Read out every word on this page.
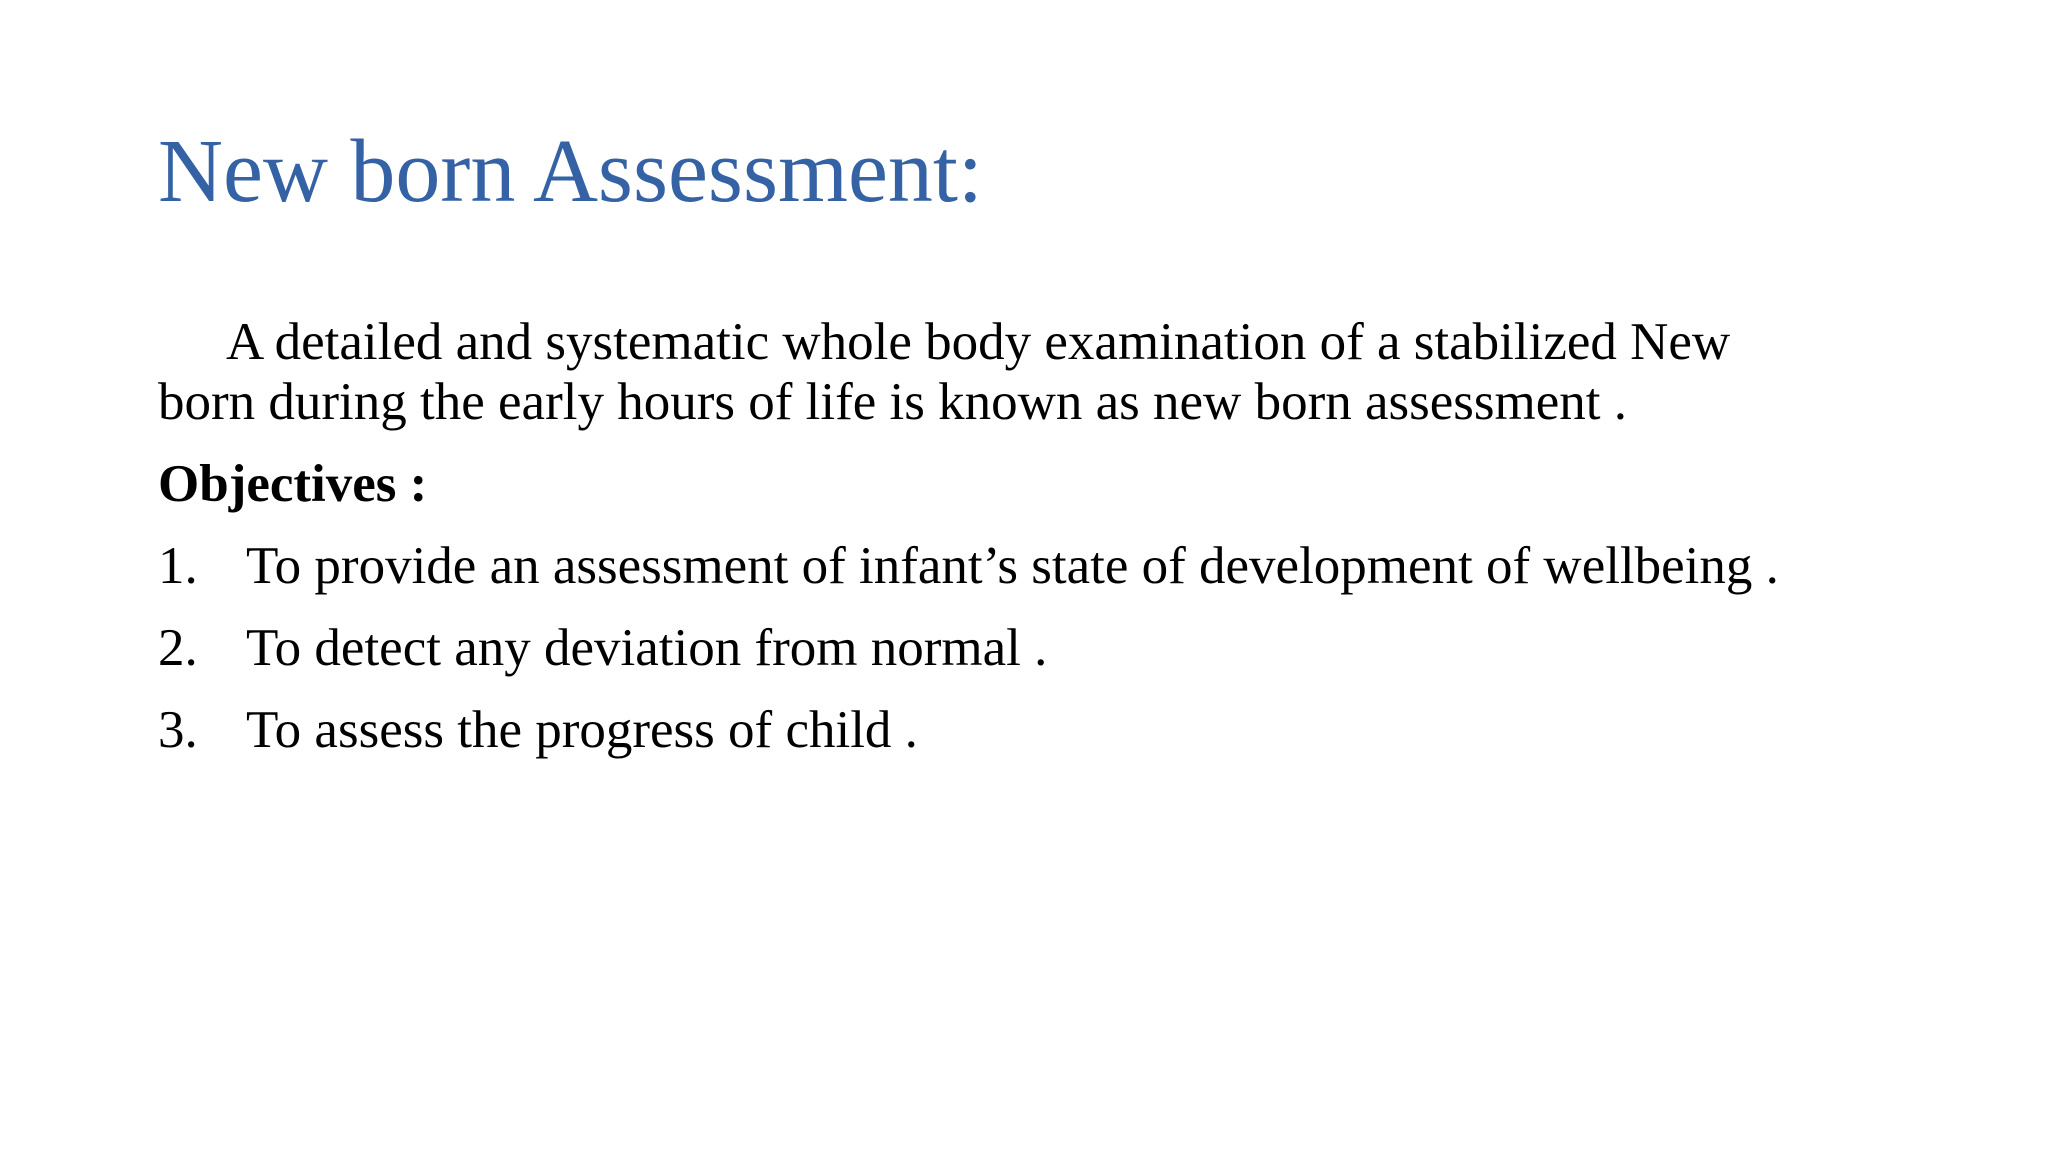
New born Assessment:

A detailed and systematic whole body examination of a stabilized New
born during the early hours of life is known as new born assessment .

Objectives :

1. To provide an assessment of infant’s state of development of wellbeing .
2. To detect any deviation from normal .
3. To assess the progress of child .
